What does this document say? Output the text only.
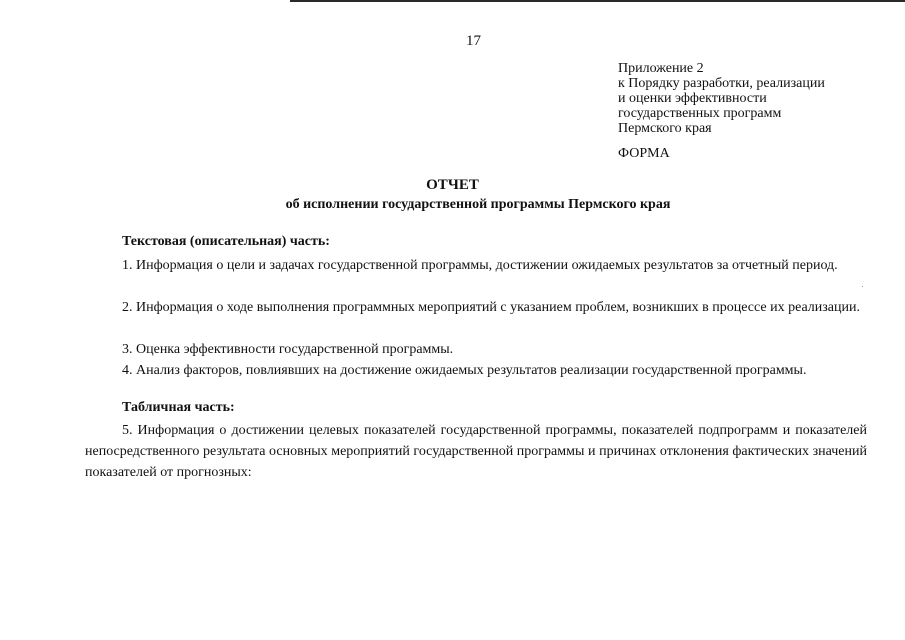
17
Приложение 2
к Порядку разработки, реализации
и оценки эффективности
государственных программ
Пермского края
ФОРМА
ОТЧЕТ
об исполнении государственной программы Пермского края
Текстовая (описательная) часть:
1. Информация о цели и задачах государственной программы, достижении ожидаемых результатов за отчетный период.
2. Информация о ходе выполнения программных мероприятий с указанием проблем, возникших в процессе их реализации.
3. Оценка эффективности государственной программы.
4. Анализ факторов, повлиявших на достижение ожидаемых результатов реализации государственной программы.
Табличная часть:
5. Информация о достижении целевых показателей государственной программы, показателей подпрограмм и показателей непосредственного результата основных мероприятий государственной программы и причинах отклонения фактических значений показателей от прогнозных:
